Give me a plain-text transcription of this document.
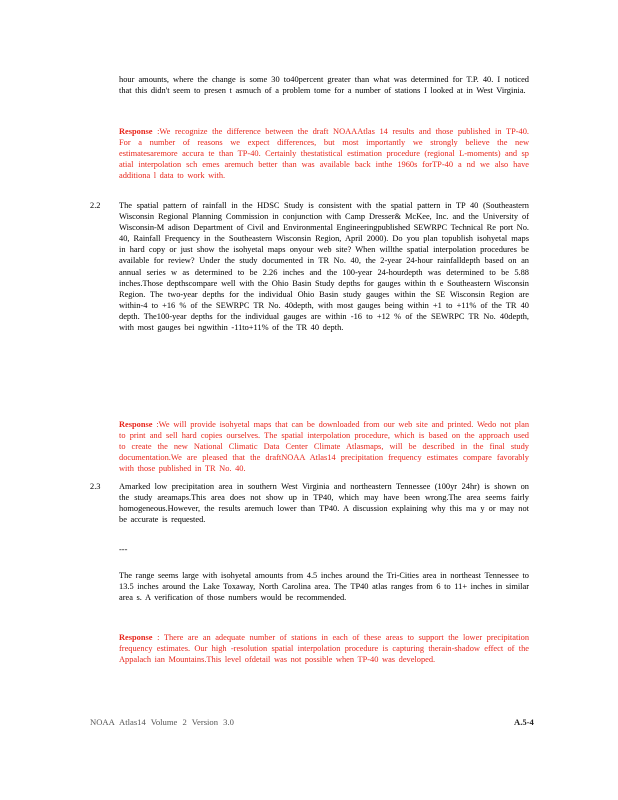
hour amounts, where the change is some 30 to40percent greater than what was determined for T.P. 40. I noticed that this didn't seem to presen t asmuch of a problem tome for a number of stations I looked at in West Virginia.

Response :We recognize the difference between the draft NOAAAtlas 14 results and those published in TP-40. For a number of reasons we expect differences, but most importantly we strongly believe the new estimatesaremore accura te than TP-40. Certainly thestatistical estimation procedure (regional L-moments) and sp atial interpolation sch emes aremuch better than was available back inthe 1960s forTP-40 a nd we also have additiona l data to work with.

2.2 The spatial pattern of rainfall in the HDSC Study is consistent with the spatial pattern in TP 40 (Southeastern Wisconsin Regional Planning Commission in conjunction with Camp Dresser& McKee, Inc. and the University of Wisconsin-M adison Department of Civil and Environmental Engineeringpublished SEWRPC Technical Re port No. 40, Rainfall Frequency in the Southeastern Wisconsin Region, April 2000). Do you plan topublish isohyetal maps in hard copy or just show the isohyetal maps onyour web site? When willthe spatial interpolation procedures be available for review? Under the study documented in TR No. 40, the 2-year 24-hour rainfalldepth based on an annual series w as determined to be 2.26 inches and the 100-year 24-hourdepth was determined to be 5.88 inches.Those depthscompare well with the Ohio Basin Study depths for gauges within th e Southeastern Wisconsin Region. The two-year depths for the individual Ohio Basin study gauges within the SE Wisconsin Region are within-4 to +16 % of the SEWRPC TR No. 40depth, with most gauges being within +1 to +11% of the TR 40 depth. The100-year depths for the individual gauges are within -16 to +12 % of the SEWRPC TR No. 40depth, with most gauges bei ngwithin -11to+11% of the TR 40 depth.

Response :We will provide isohyetal maps that can be downloaded from our web site and printed. Wedo not plan to print and sell hard copies ourselves. The spatial interpolation procedure, which is based on the approach used to create the new National Climatic Data Center Climate Atlasmaps, will be described in the final study documentation.We are pleased that the draftNOAA Atlas14 precipitation frequency estimates compare favorably with those published in TR No. 40.

2.3 Amarked low precipitation area in southern West Virginia and northeastern Tennessee (100yr 24hr) is shown on the study areamaps.This area does not show up in TP40, which may have been wrong.The area seems fairly homogeneous.However, the results aremuch lower than TP40. A discussion explaining why this ma y or may not be accurate is requested.

---

The range seems large with isohyetal amounts from 4.5 inches around the Tri-Cities area in northeast Tennessee to 13.5 inches around the Lake Toxaway, North Carolina area. The TP40 atlas ranges from 6 to 11+ inches in similar area s. A verification of those numbers would be recommended.

Response : There are an adequate number of stations in each of these areas to support the lower precipitation frequency estimates. Our high -resolution spatial interpolation procedure is capturing therain-shadow effect of the Appalach ian Mountains.This level ofdetail was not possible when TP-40 was developed.

NOAA Atlas14 Volume 2 Version 3.0	A.5-4
